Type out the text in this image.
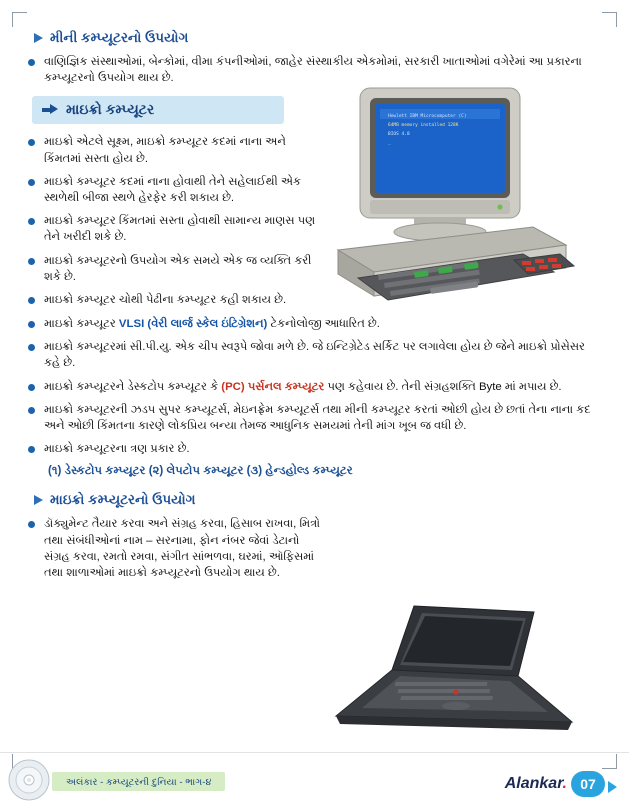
Hewlett IBM Microcomputer (C)
64MB memory installed 128K
BIOS 4.8
_
મીની કમ્પ્યૂટરનો ઉપયોગ
વાણિજ્ઞિક સંસ્થાઓમાં, બેન્કોમાં, વીમા કંપનીઓમાં, જાહેર સંસ્થાકીય એકમોમાં, સરકારી ખાતાઓમાં વગેરેમાં આ પ્રકારના કમ્પ્યૂટરનો ઉપયોગ થાય છે.
માઇક્રો કમ્પ્યૂટર
માઇક્રો એટલે સૂક્ષ્મ, માઇક્રો કમ્પ્યૂટર કદમાં નાના અને કિંમતમાં સસ્તા હોય છે.
માઇક્રો કમ્પ્યૂટર કદમાં નાના હોવાથી તેને સહેલાઈથી એક સ્થળેથી બીજા સ્થળે હેરફેર કરી શકાય છે.
માઇક્રો કમ્પ્યૂટર કિંમતમાં સસ્તા હોવાથી સામાન્ય માણસ પણ તેને ખરીદી શકે છે.
માઇક્રો કમ્પ્યૂટરનો ઉપયોગ એક સમયે એક જ વ્યક્તિ કરી શકે છે.
માઇક્રો કમ્પ્યૂટર ચોથી પેઢીના કમ્પ્યૂટર કહી શકાય છે.
માઇક્રો કમ્પ્યૂટર VLSI (વેરી લાર્જ સ્કેલ ઇંટિગ્રેશન) ટેકનોલોજી આધારિત છે.
માઇક્રો કમ્પ્યૂટરમાં સી.પી.યુ. એક ચીપ સ્વરૂપે જોવા મળે છે. જે ઇન્ટિગ્રેટેડ સર્કિટ પર લગાવેલા હોય છે જેને માઇક્રો પ્રોસેસર કહે છે.
માઇક્રો કમ્પ્યૂટરને ડેસ્કટોપ કમ્પ્યૂટર કે (PC) પર્સનલ કમ્પ્યૂટર પણ કહેવાય છે. તેની સંગ્રહશક્તિ Byte માં મપાય છે.
માઇક્રો કમ્પ્યૂટરની ઝડપ સુપર કમ્પ્યૂટર્સ, મેઇનફ્રેમ કમ્પ્યૂટર્સ તથા મીની કમ્પ્યૂટર કરતાં ઓછી હોય છે છતાં તેના નાના કદ અને ઓછી કિંમતના કારણે લોકપ્રિય બન્યા તેમજ આધુનિક સમયમાં તેની માંગ ખૂબ જ વધી છે.
માઇક્રો કમ્પ્યૂટરના ત્રણ પ્રકાર છે.
(૧) ડેસ્કટોપ કમ્પ્યૂટર (૨) લેપટોપ કમ્પ્યૂટર (૩) હેન્ડહોલ્ડ કમ્પ્યૂટર
માઇક્રો કમ્પ્યૂટરનો ઉપયોગ
ડૉક્યુમેન્ટ તૈયાર કરવા અને સંગ્રહ કરવા, હિસાબ રાખવા, મિત્રો તથા સંબંધીઓનાં નામ – સરનામા, ફોન નંબર જેવાં ડેટાનો સંગ્રહ કરવા, રમતો રમવા, સંગીત સાંભળવા, ઘરમાં, ઑફિસમાં તથા શાળાઓમાં માઇક્રો કમ્પ્યૂટરનો ઉપયોગ થાય છે.
અલંકાર - કમ્પ્યૂટરની દુનિયા - ભાગ-૪	Alankar. 07
